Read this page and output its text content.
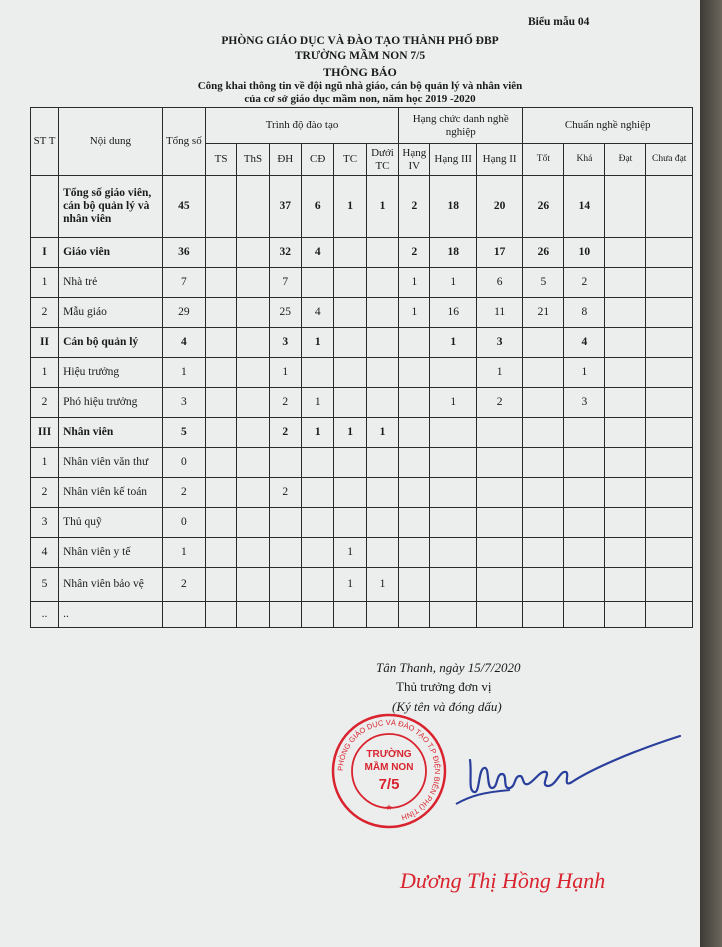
Biểu mẫu 04
PHÒNG GIÁO DỤC VÀ ĐÀO TẠO THÀNH PHỐ ĐBP
TRƯỜNG MẦM NON 7/5
THÔNG BÁO
Công khai thông tin về đội ngũ nhà giáo, cán bộ quản lý và nhân viên
của cơ sở giáo dục mầm non, năm học 2019 -2020
ST T	Nội dung	Tổng số	Trình độ đào tạo						Hạng chức danh nghề nghiệp			Chuẩn nghề nghiệp			
			TS	ThS	ĐH	CĐ	TC	Dưới TC	Hạng IV	Hạng III	Hạng II	Tốt	Khá	Đạt	Chưa đạt
	Tổng số giáo viên, cán bộ quản lý và nhân viên	45			37	6	1	1	2	18	20	26	14		
I	Giáo viên	36			32	4			2	18	17	26	10		
1	Nhà trẻ	7			7				1	1	6	5	2		
2	Mẫu giáo	29			25	4			1	16	11	21	8		
II	Cán bộ quản lý	4			3	1				1	3		4		
1	Hiệu trưởng	1			1						1		1		
2	Phó hiệu trưởng	3			2	1				1	2		3		
III	Nhân viên	5			2	1	1	1							
1	Nhân viên văn thư	0													
2	Nhân viên kế toán	2			2										
3	Thủ quỹ	0													
4	Nhân viên y tế	1					1								
5	Nhân viên bảo vệ	2					1	1							
..	..														
Tân Thanh, ngày 15/7/2020
Thủ trưởng đơn vị
(Ký tên và đóng dấu)
PHÒNG GIÁO DỤC VÀ ĐÀO TẠO T.P ĐIỆN BIÊN PHỦ TỈNH
TRƯỜNG
MẦM NON
7/5
★
Dương Thị Hồng Hạnh
